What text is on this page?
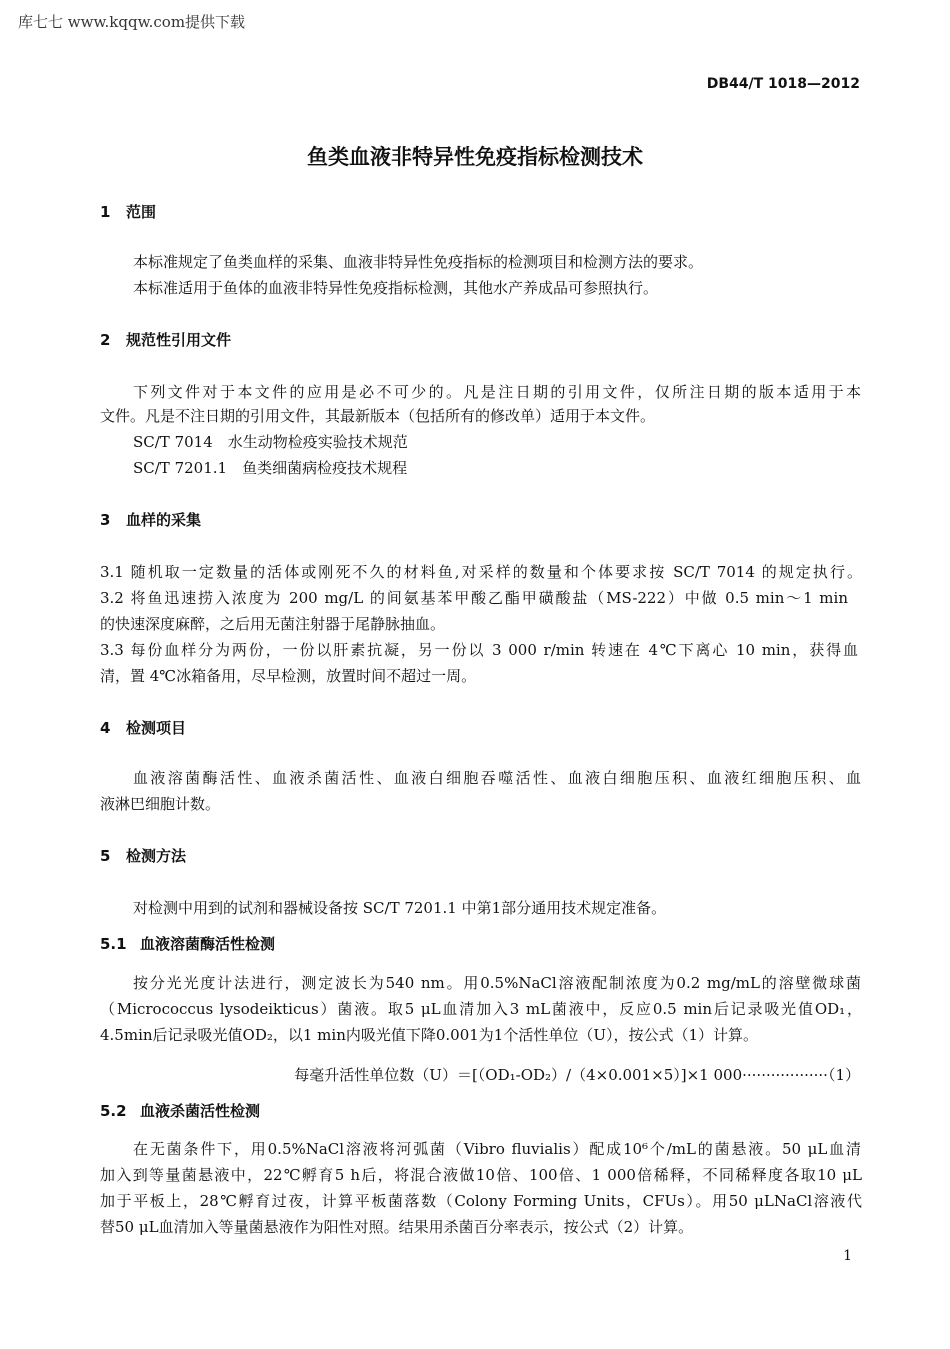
库七七 www.kqqw.com提供下载
DB44/T 1018—2012
鱼类血液非特异性免疫指标检测技术
1 范围
本标准规定了鱼类血样的采集、血液非特异性免疫指标的检测项目和检测方法的要求。
本标准适用于鱼体的血液非特异性免疫指标检测，其他水产养成品可参照执行。
2 规范性引用文件
下列文件对于本文件的应用是必不可少的。凡是注日期的引用文件，仅所注日期的版本适用于本
文件。凡是不注日期的引用文件，其最新版本（包括所有的修改单）适用于本文件。
SC/T 7014　水生动物检疫实验技术规范
SC/T 7201.1　鱼类细菌病检疫技术规程
3 血样的采集
3.1 随机取一定数量的活体或刚死不久的材料鱼,对采样的数量和个体要求按 SC/T 7014 的规定执行。
3.2 将鱼迅速捞入浓度为 200 mg/L 的间氨基苯甲酸乙酯甲磺酸盐（MS-222）中做 0.5 min～1 min
的快速深度麻醉，之后用无菌注射器于尾静脉抽血。
3.3 每份血样分为两份，一份以肝素抗凝，另一份以 3 000 r/min 转速在 4℃下离心 10 min，获得血
清，置 4℃冰箱备用，尽早检测，放置时间不超过一周。
4 检测项目
血液溶菌酶活性、血液杀菌活性、血液白细胞吞噬活性、血液白细胞压积、血液红细胞压积、血
液淋巴细胞计数。
5 检测方法
对检测中用到的试剂和器械设备按 SC/T 7201.1 中第1部分通用技术规定准备。
5.1 血液溶菌酶活性检测
按分光光度计法进行，测定波长为540 nm。用0.5%NaCl溶液配制浓度为0.2 mg/mL的溶壁微球菌
（Micrococcus lysodeikticus）菌液。取5 μL血清加入3 mL菌液中，反应0.5 min后记录吸光值OD₁，
4.5min后记录吸光值OD₂，以1 min内吸光值下降0.001为1个活性单位（U），按公式（1）计算。
每毫升活性单位数（U）＝[（OD₁-OD₂）/（4×0.001×5）]×1 000··················（1）
5.2 血液杀菌活性检测
在无菌条件下，用0.5%NaCl溶液将河弧菌（Vibro fluvialis）配成10⁶个/mL的菌悬液。50 μL血清
加入到等量菌悬液中，22℃孵育5 h后，将混合液做10倍、100倍、1 000倍稀释，不同稀释度各取10 μL
加于平板上，28℃孵育过夜，计算平板菌落数（Colony Forming Units，CFUs）。用50 μLNaCl溶液代
替50 μL血清加入等量菌悬液作为阳性对照。结果用杀菌百分率表示，按公式（2）计算。
1
